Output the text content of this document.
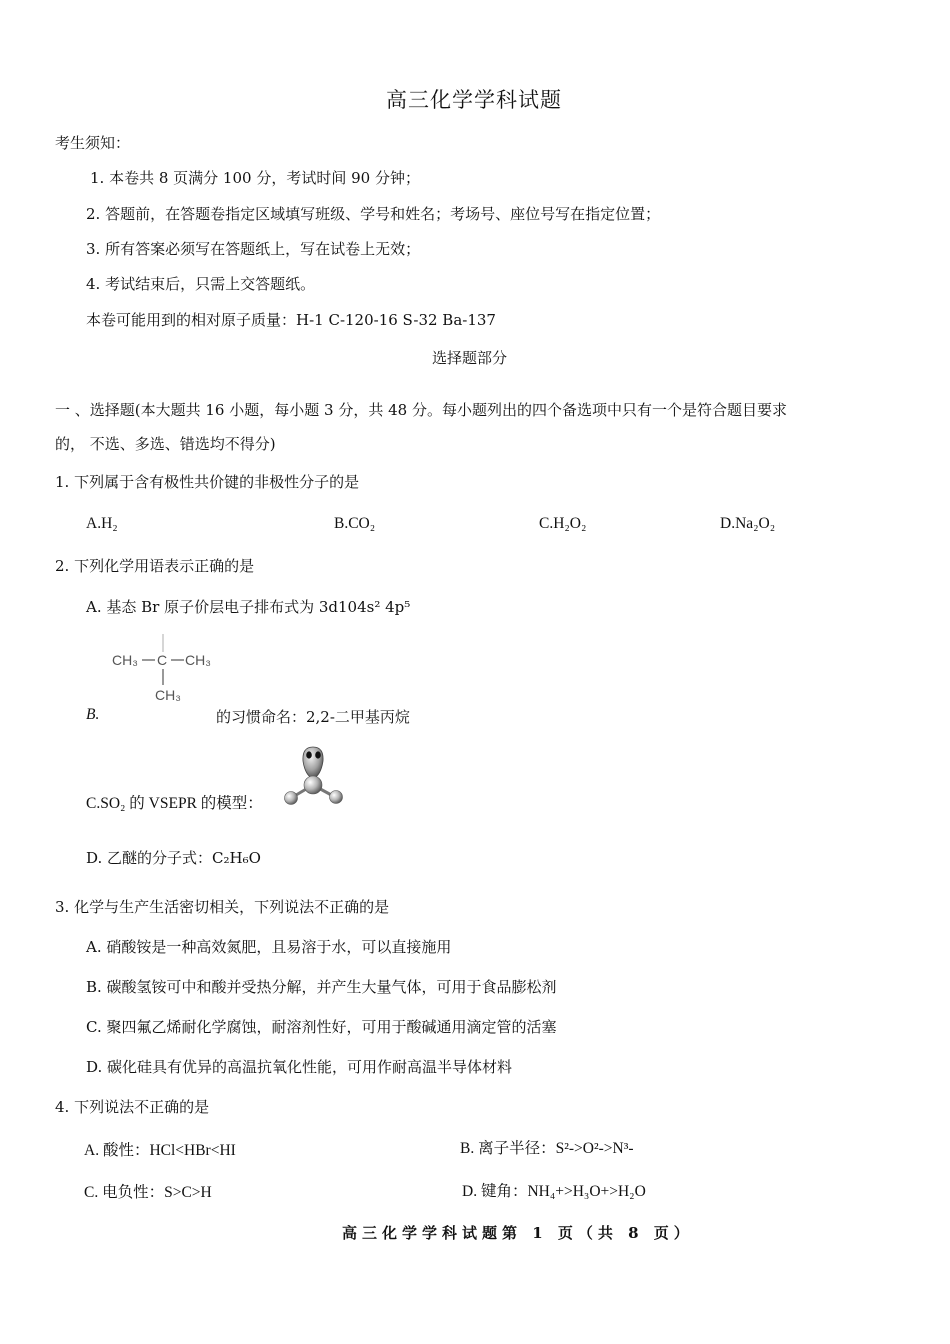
高三化学学科试题
考生须知：
1. 本卷共 8 页满分 100 分，考试时间 90 分钟；
2. 答题前，在答题卷指定区域填写班级、学号和姓名；考场号、座位号写在指定位置；
3. 所有答案必须写在答题纸上，写在试卷上无效；
4. 考试结束后，只需上交答题纸。
本卷可能用到的相对原子质量：H-1 C-120-16 S-32 Ba-137
选择题部分
一 、选择题(本大题共 16 小题，每小题 3 分，共 48 分。每小题列出的四个备选项中只有一个是符合题目要求
的， 不选、多选、错选均不得分)
1. 下列属于含有极性共价键的非极性分子的是
A.H₂	B.CO₂	C.H₂O₂	D.Na₂O₂
2. 下列化学用语表示正确的是
A. 基态 Br 原子价层电子排布式为 3d104s² 4p⁵
CH₃ C CH₃
CH₃
B.	的习惯命名：2,2-二甲基丙烷
C.SO₂ 的 VSEPR 的模型：
D. 乙醚的分子式：C₂H₆O
3. 化学与生产生活密切相关，下列说法不正确的是
A. 硝酸铵是一种高效氮肥，且易溶于水，可以直接施用
B. 碳酸氢铵可中和酸并受热分解，并产生大量气体，可用于食品膨松剂
C. 聚四氟乙烯耐化学腐蚀，耐溶剂性好，可用于酸碱通用滴定管的活塞
D. 碳化硅具有优异的高温抗氧化性能，可用作耐高温半导体材料
4. 下列说法不正确的是
A. 酸性：HCl<HBr<HI	B. 离子半径：S²->O²->N³-
C. 电负性：S>C>H	D. 键角：NH₄+>H₃O+>H₂O
高三化学学科试题第 1 页（共 8 页）
